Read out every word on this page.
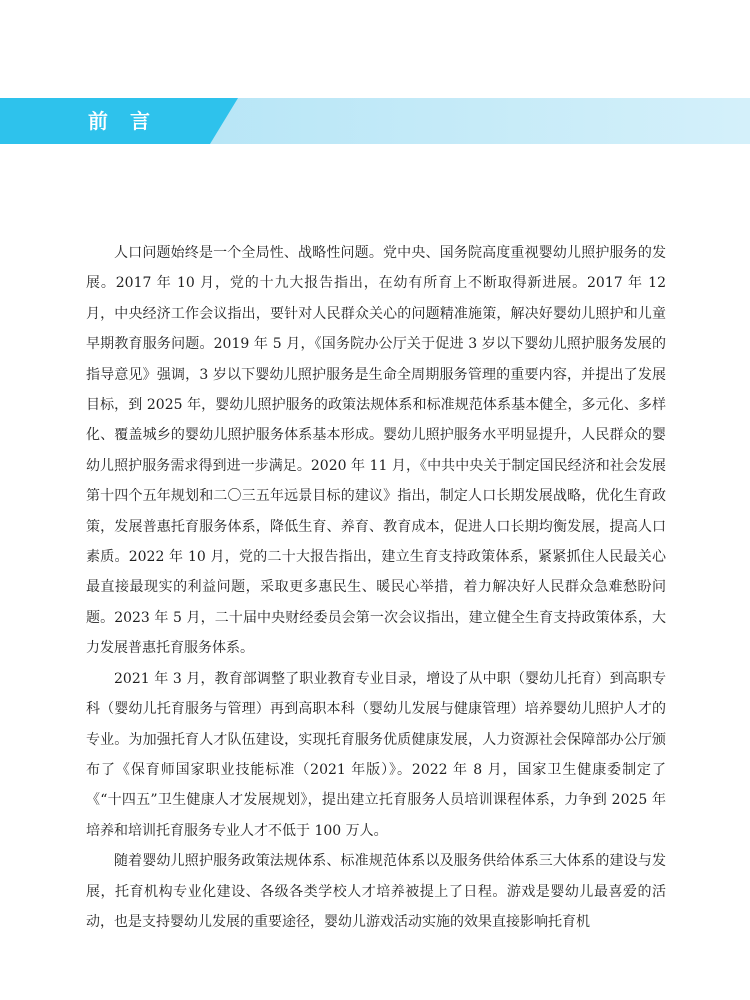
前言

人口问题始终是一个全局性、战略性问题。党中央、国务院高度重视婴幼儿照护服务的发展。2017 年 10 月，党的十九大报告指出，在幼有所育上不断取得新进展。2017 年 12 月，中央经济工作会议指出，要针对人民群众关心的问题精准施策，解决好婴幼儿照护和儿童早期教育服务问题。2019 年 5 月，《国务院办公厅关于促进 3 岁以下婴幼儿照护服务发展的指导意见》强调，3 岁以下婴幼儿照护服务是生命全周期服务管理的重要内容，并提出了发展目标，到 2025 年，婴幼儿照护服务的政策法规体系和标准规范体系基本健全，多元化、多样化、覆盖城乡的婴幼儿照护服务体系基本形成。婴幼儿照护服务水平明显提升，人民群众的婴幼儿照护服务需求得到进一步满足。2020 年 11 月，《中共中央关于制定国民经济和社会发展第十四个五年规划和二〇三五年远景目标的建议》指出，制定人口长期发展战略，优化生育政策，发展普惠托育服务体系，降低生育、养育、教育成本，促进人口长期均衡发展，提高人口素质。2022 年 10 月，党的二十大报告指出，建立生育支持政策体系，紧紧抓住人民最关心最直接最现实的利益问题，采取更多惠民生、暖民心举措，着力解决好人民群众急难愁盼问题。2023 年 5 月，二十届中央财经委员会第一次会议指出，建立健全生育支持政策体系，大力发展普惠托育服务体系。

2021 年 3 月，教育部调整了职业教育专业目录，增设了从中职（婴幼儿托育）到高职专科（婴幼儿托育服务与管理）再到高职本科（婴幼儿发展与健康管理）培养婴幼儿照护人才的专业。为加强托育人才队伍建设，实现托育服务优质健康发展，人力资源社会保障部办公厅颁布了《保育师国家职业技能标准（2021 年版）》。2022 年 8 月，国家卫生健康委制定了《“十四五”卫生健康人才发展规划》，提出建立托育服务人员培训课程体系，力争到 2025 年培养和培训托育服务专业人才不低于 100 万人。

随着婴幼儿照护服务政策法规体系、标准规范体系以及服务供给体系三大体系的建设与发展，托育机构专业化建设、各级各类学校人才培养被提上了日程。游戏是婴幼儿最喜爱的活动，也是支持婴幼儿发展的重要途径，婴幼儿游戏活动实施的效果直接影响托育机
